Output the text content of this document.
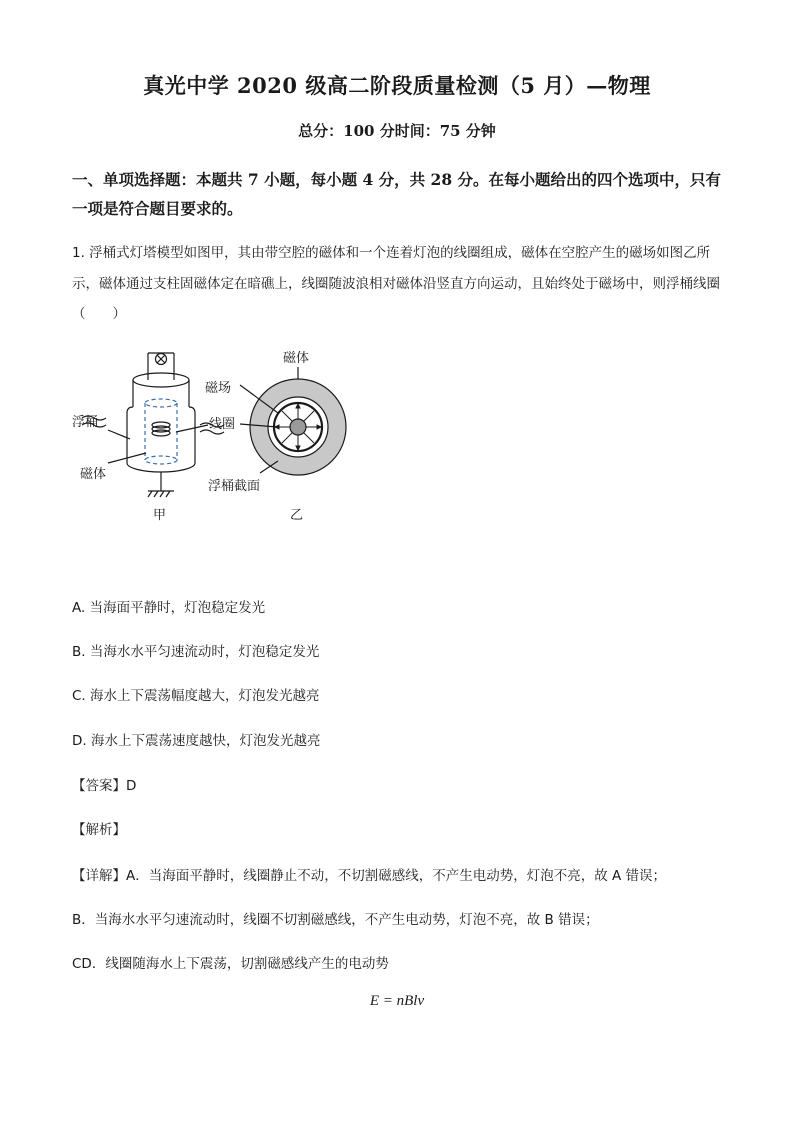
真光中学 2020 级高二阶段质量检测（5 月）—物理
总分：100 分时间：75 分钟
一、单项选择题：本题共 7 小题，每小题 4 分，共 28 分。在每小题给出的四个选项中，只有一项是符合题目要求的。
1. 浮桶式灯塔模型如图甲，其由带空腔的磁体和一个连着灯泡的线圈组成，磁体在空腔产生的磁场如图乙所示，磁体通过支柱固磁体定在暗礁上，线圈随波浪相对磁体沿竖直方向运动，且始终处于磁场中，则浮桶线圈（　　）
浮桶
磁体
甲
磁体
磁场
线圈
浮桶截面
乙
A. 当海面平静时，灯泡稳定发光
B. 当海水水平匀速流动时，灯泡稳定发光
C. 海水上下震荡幅度越大，灯泡发光越亮
D. 海水上下震荡速度越快，灯泡发光越亮
【答案】D
【解析】
【详解】A．当海面平静时，线圈静止不动，不切割磁感线，不产生电动势，灯泡不亮，故 A 错误；
B．当海水水平匀速流动时，线圈不切割磁感线，不产生电动势，灯泡不亮，故 B 错误；
CD．线圈随海水上下震荡，切割磁感线产生的电动势
E = nBlv
